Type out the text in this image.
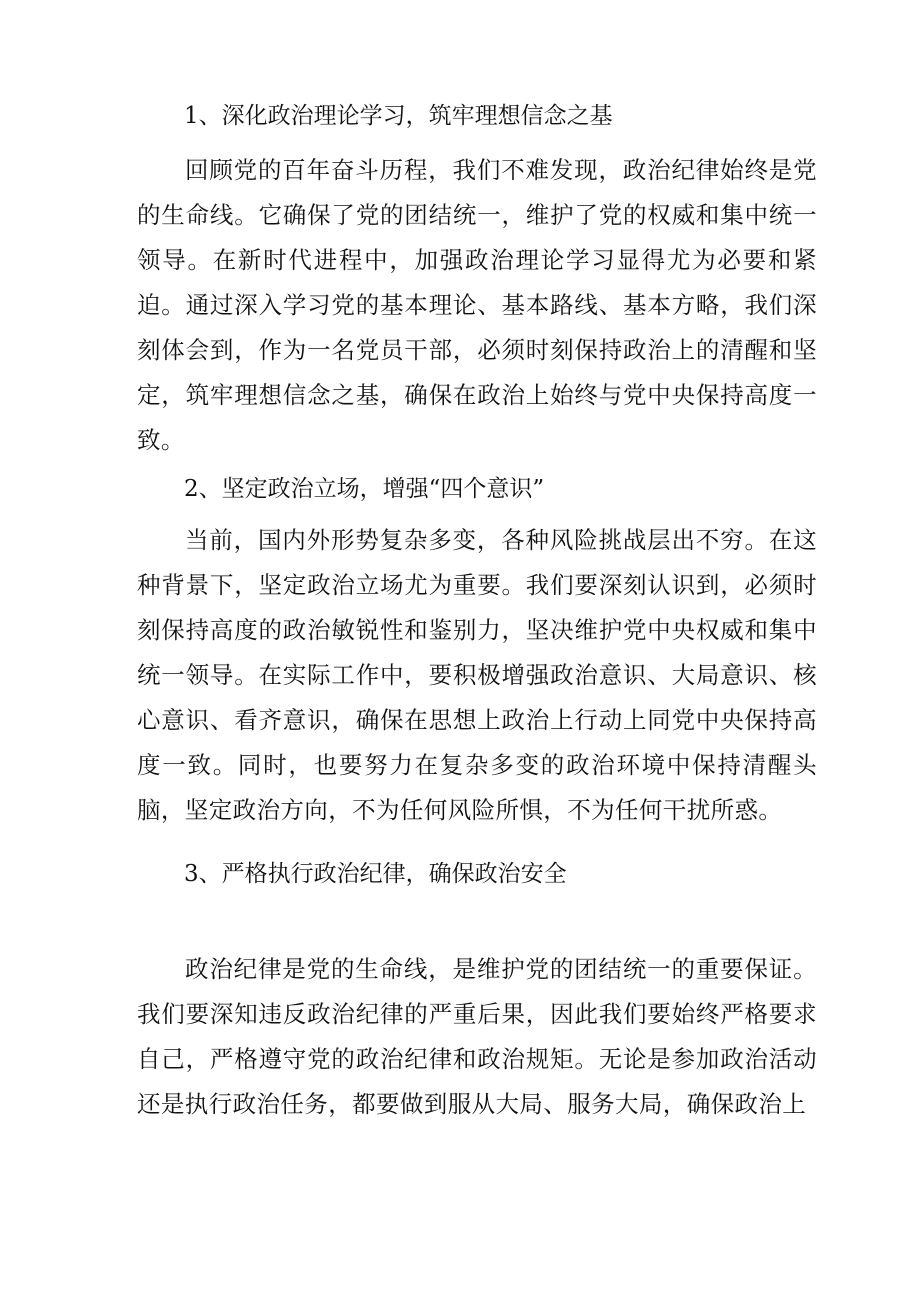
1、深化政治理论学习，筑牢理想信念之基

回顾党的百年奋斗历程，我们不难发现，政治纪律始终是党的生命线。它确保了党的团结统一，维护了党的权威和集中统一领导。在新时代进程中，加强政治理论学习显得尤为必要和紧迫。通过深入学习党的基本理论、基本路线、基本方略，我们深刻体会到，作为一名党员干部，必须时刻保持政治上的清醒和坚定，筑牢理想信念之基，确保在政治上始终与党中央保持高度一致。

2、坚定政治立场，增强“四个意识”

当前，国内外形势复杂多变，各种风险挑战层出不穷。在这种背景下，坚定政治立场尤为重要。我们要深刻认识到，必须时刻保持高度的政治敏锐性和鉴别力，坚决维护党中央权威和集中统一领导。在实际工作中，要积极增强政治意识、大局意识、核心意识、看齐意识，确保在思想上政治上行动上同党中央保持高度一致。同时，也要努力在复杂多变的政治环境中保持清醒头脑，坚定政治方向，不为任何风险所惧，不为任何干扰所惑。

3、严格执行政治纪律，确保政治安全

政治纪律是党的生命线，是维护党的团结统一的重要保证。我们要深知违反政治纪律的严重后果，因此我们要始终严格要求自己，严格遵守党的政治纪律和政治规矩。无论是参加政治活动还是执行政治任务，都要做到服从大局、服务大局，确保政治上
